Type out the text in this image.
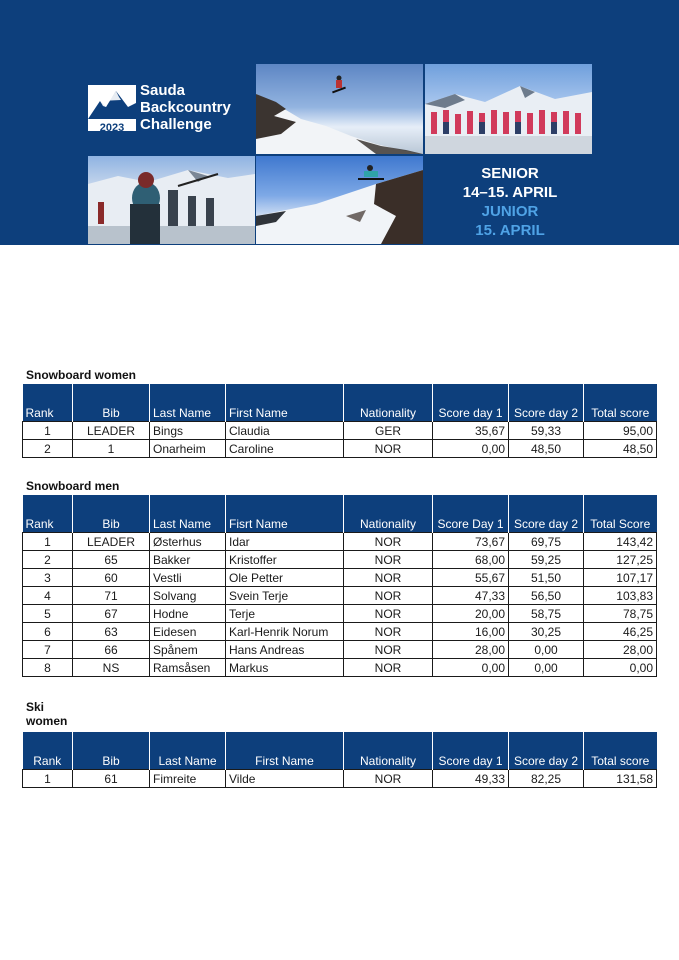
2023
Sauda
Backcountry
Challenge
SENIOR
14–15. APRIL
JUNIOR
15. APRIL
Snowboard women
Rank	Bib	Last Name	First Name	Nationality	Score day 1	Score day 2	Total score
1	LEADER	Bings	Claudia	GER	35,67	59,33	95,00
2	1	Onarheim	Caroline	NOR	0,00	48,50	48,50
Snowboard men
Rank	Bib	Last Name	Fisrt Name	Nationality	Score Day 1	Score day 2	Total Score
1	LEADER	Østerhus	Idar	NOR	73,67	69,75	143,42
2	65	Bakker	Kristoffer	NOR	68,00	59,25	127,25
3	60	Vestli	Ole Petter	NOR	55,67	51,50	107,17
4	71	Solvang	Svein Terje	NOR	47,33	56,50	103,83
5	67	Hodne	Terje	NOR	20,00	58,75	78,75
6	63	Eidesen	Karl-Henrik Norum	NOR	16,00	30,25	46,25
7	66	Spånem	Hans Andreas	NOR	28,00	0,00	28,00
8	NS	Ramsåsen	Markus	NOR	0,00	0,00	0,00
Ski
women
Rank	Bib	Last Name	First Name	Nationality	Score day 1	Score day 2	Total score
1	61	Fimreite	Vilde	NOR	49,33	82,25	131,58
